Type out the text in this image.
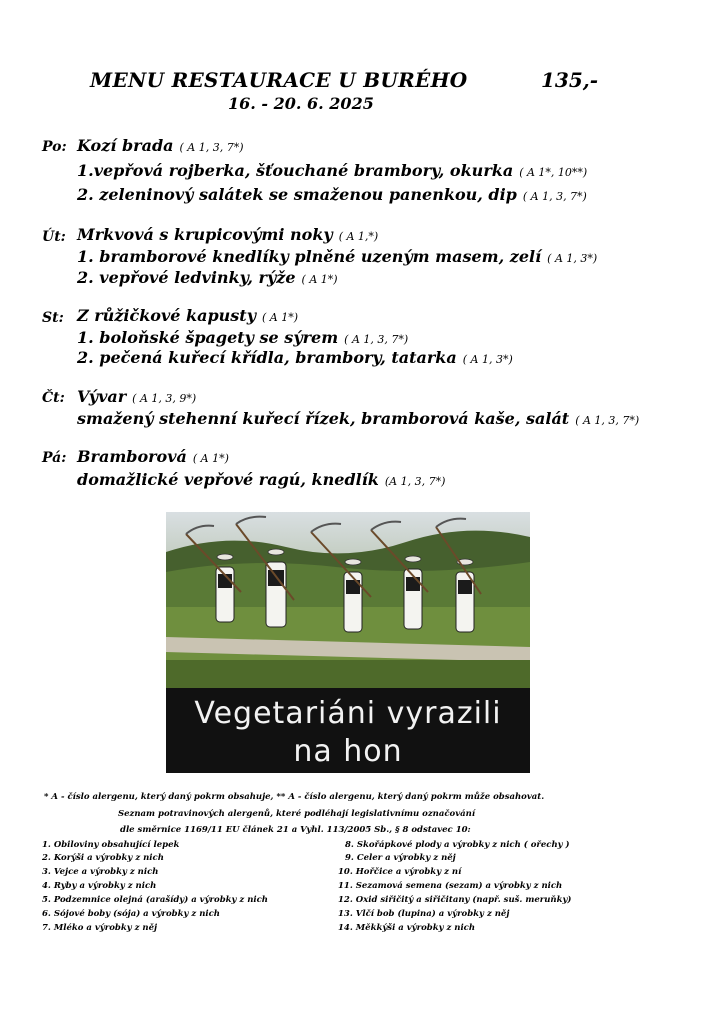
MENU RESTAURACE U BURÉHO	135,-
16. - 20. 6. 2025
Po: Kozí brada ( A 1, 3, 7*)
1.vepřová rojberka, šťouchané brambory, okurka ( A 1*, 10**)
2. zeleninový salátek se smaženou panenkou, dip ( A 1, 3, 7*)
Út: Mrkvová s krupicovými noky ( A 1,*)
1. bramborové knedlíky plněné uzeným masem, zelí ( A 1, 3*)
2. vepřové ledvinky, rýže ( A 1*)
St: Z růžičkové kapusty ( A 1*)
1. boloňské špagety se sýrem ( A 1, 3, 7*)
2. pečená kuřecí křídla, brambory, tatarka ( A 1, 3*)
Čt: Vývar ( A 1, 3, 9*)
smažený stehenní kuřecí řízek, bramborová kaše, salát ( A 1, 3, 7*)
Pá: Bramborová ( A 1*)
domažlické vepřové ragú, knedlík (A 1, 3, 7*)
Vegetariáni vyrazili
na hon
* A - číslo alergenu, který daný pokrm obsahuje, ** A - číslo alergenu, který daný pokrm může obsahovat.
Seznam potravinových alergenů, které podléhají legislativnímu označování
dle směrnice 1169/11 EU článek 21 a Vyhl. 113/2005 Sb., § 8 odstavec 10:
1. Obiloviny obsahující lepek
2. Korýši a výrobky z nich
3. Vejce a výrobky z nich
4. Ryby a výrobky z nich
5. Podzemnice olejná (arašídy) a výrobky z nich
6. Sójové boby (sója) a výrobky z nich
7. Mléko a výrobky z něj
8. Skořápkové plody a výrobky z nich ( ořechy )
9. Celer a výrobky z něj
10. Hořčice a výrobky z ní
11. Sezamová semena (sezam) a výrobky z nich
12. Oxid siřičitý a siřičitany (např. suš. meruňky)
13. Vlčí bob (lupina) a výrobky z něj
14. Měkkýši a výrobky z nich
